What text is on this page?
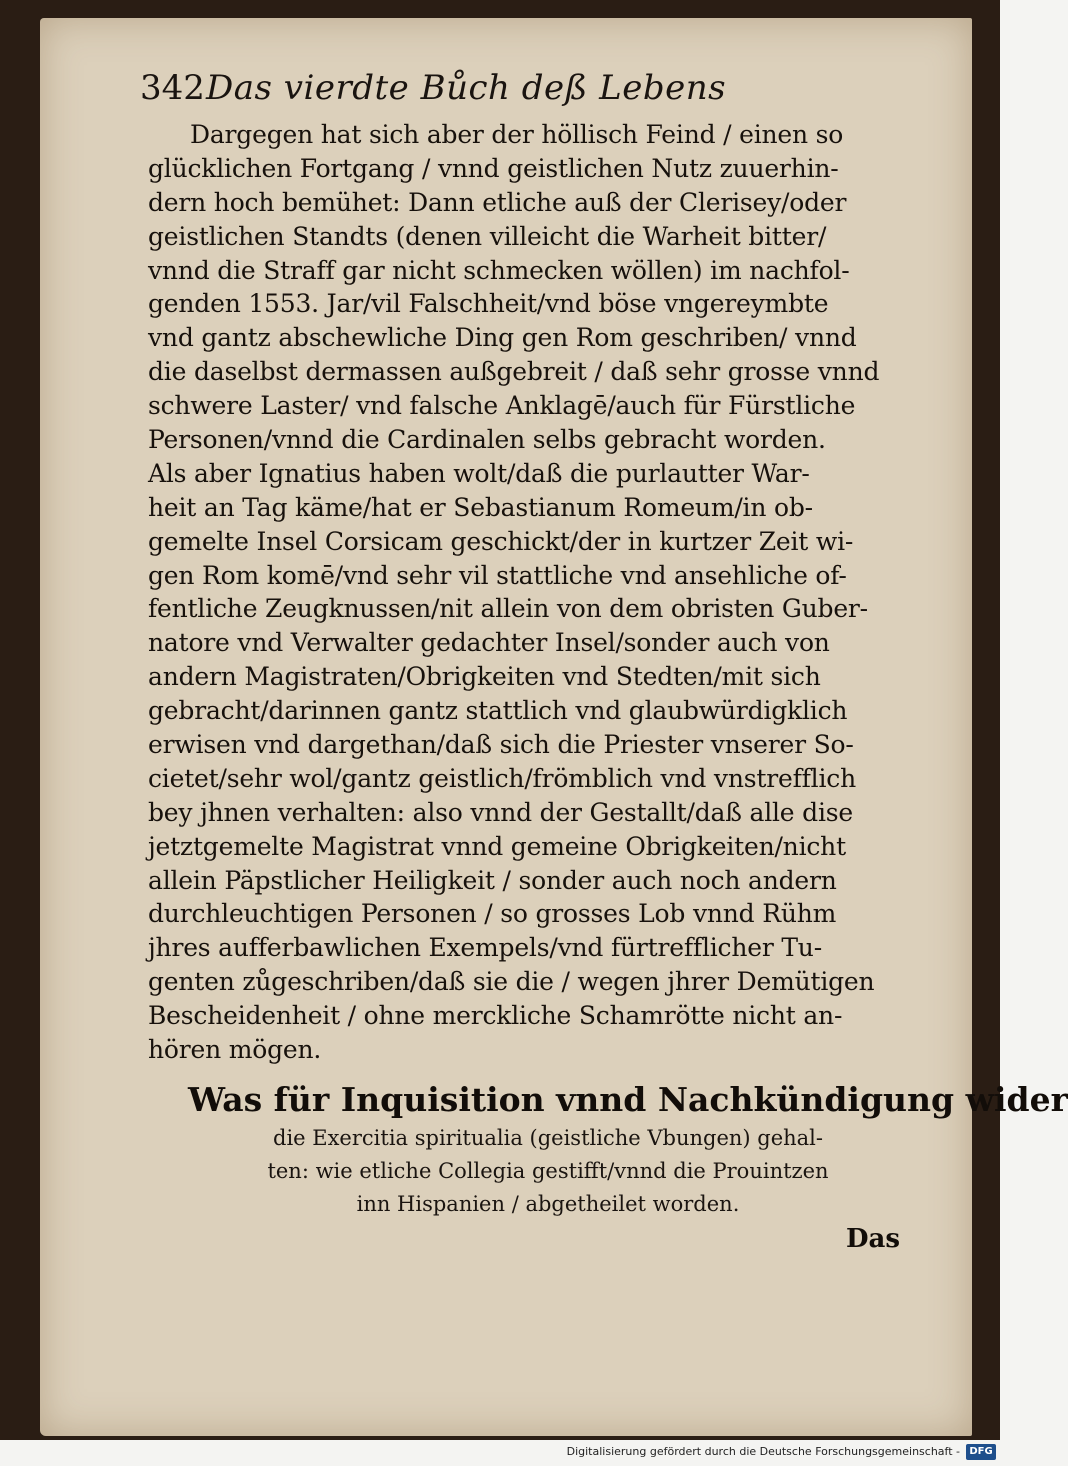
342 Das vierdte Bůch deß Lebens
Dargegen hat sich aber der höllisch Feind / einen so
glücklichen Fortgang / vnnd geistlichen Nutz zuuerhin-
dern hoch bemühet: Dann etliche auß der Clerisey/oder
geistlichen Standts (denen villeicht die Warheit bitter/
vnnd die Straff gar nicht schmecken wöllen) im nachfol-
genden 1553. Jar/vil Falschheit/vnd böse vngereymbte
vnd gantz abschewliche Ding gen Rom geschriben/ vnnd
die daselbst dermassen außgebreit / daß sehr grosse vnnd
schwere Laster/ vnd falsche Anklagē/auch für Fürstliche
Personen/vnnd die Cardinalen selbs gebracht worden.
Als aber Ignatius haben wolt/daß die purlautter War-
heit an Tag käme/hat er Sebastianum Romeum/in ob-
gemelte Insel Corsicam geschickt/der in kurtzer Zeit wi-
gen Rom komē/vnd sehr vil stattliche vnd ansehliche of-
fentliche Zeugknussen/nit allein von dem obristen Guber-
natore vnd Verwalter gedachter Insel/sonder auch von
andern Magistraten/Obrigkeiten vnd Stedten/mit sich
gebracht/darinnen gantz stattlich vnd glaubwürdigklich
erwisen vnd dargethan/daß sich die Priester vnserer So-
cietet/sehr wol/gantz geistlich/frömblich vnd vnstrefflich
bey jhnen verhalten: also vnnd der Gestallt/daß alle dise
jetztgemelte Magistrat vnnd gemeine Obrigkeiten/nicht
allein Päpstlicher Heiligkeit / sonder auch noch andern
durchleuchtigen Personen / so grosses Lob vnnd Rühm
jhres aufferbawlichen Exempels/vnd fürtrefflicher Tu-
genten zůgeschriben/daß sie die / wegen jhrer Demütigen
Bescheidenheit / ohne merckliche Schamrötte nicht an-
hören mögen.
Was für Inquisition vnnd Nachkündigung wider
die Exercitia spiritualia (geistliche Vbungen) gehal-
ten: wie etliche Collegia gestifft/vnnd die Prouintzen
inn Hispanien / abgetheilet worden.
Das
Digitalisierung gefördert durch die Deutsche Forschungsgemeinschaft - DFG
